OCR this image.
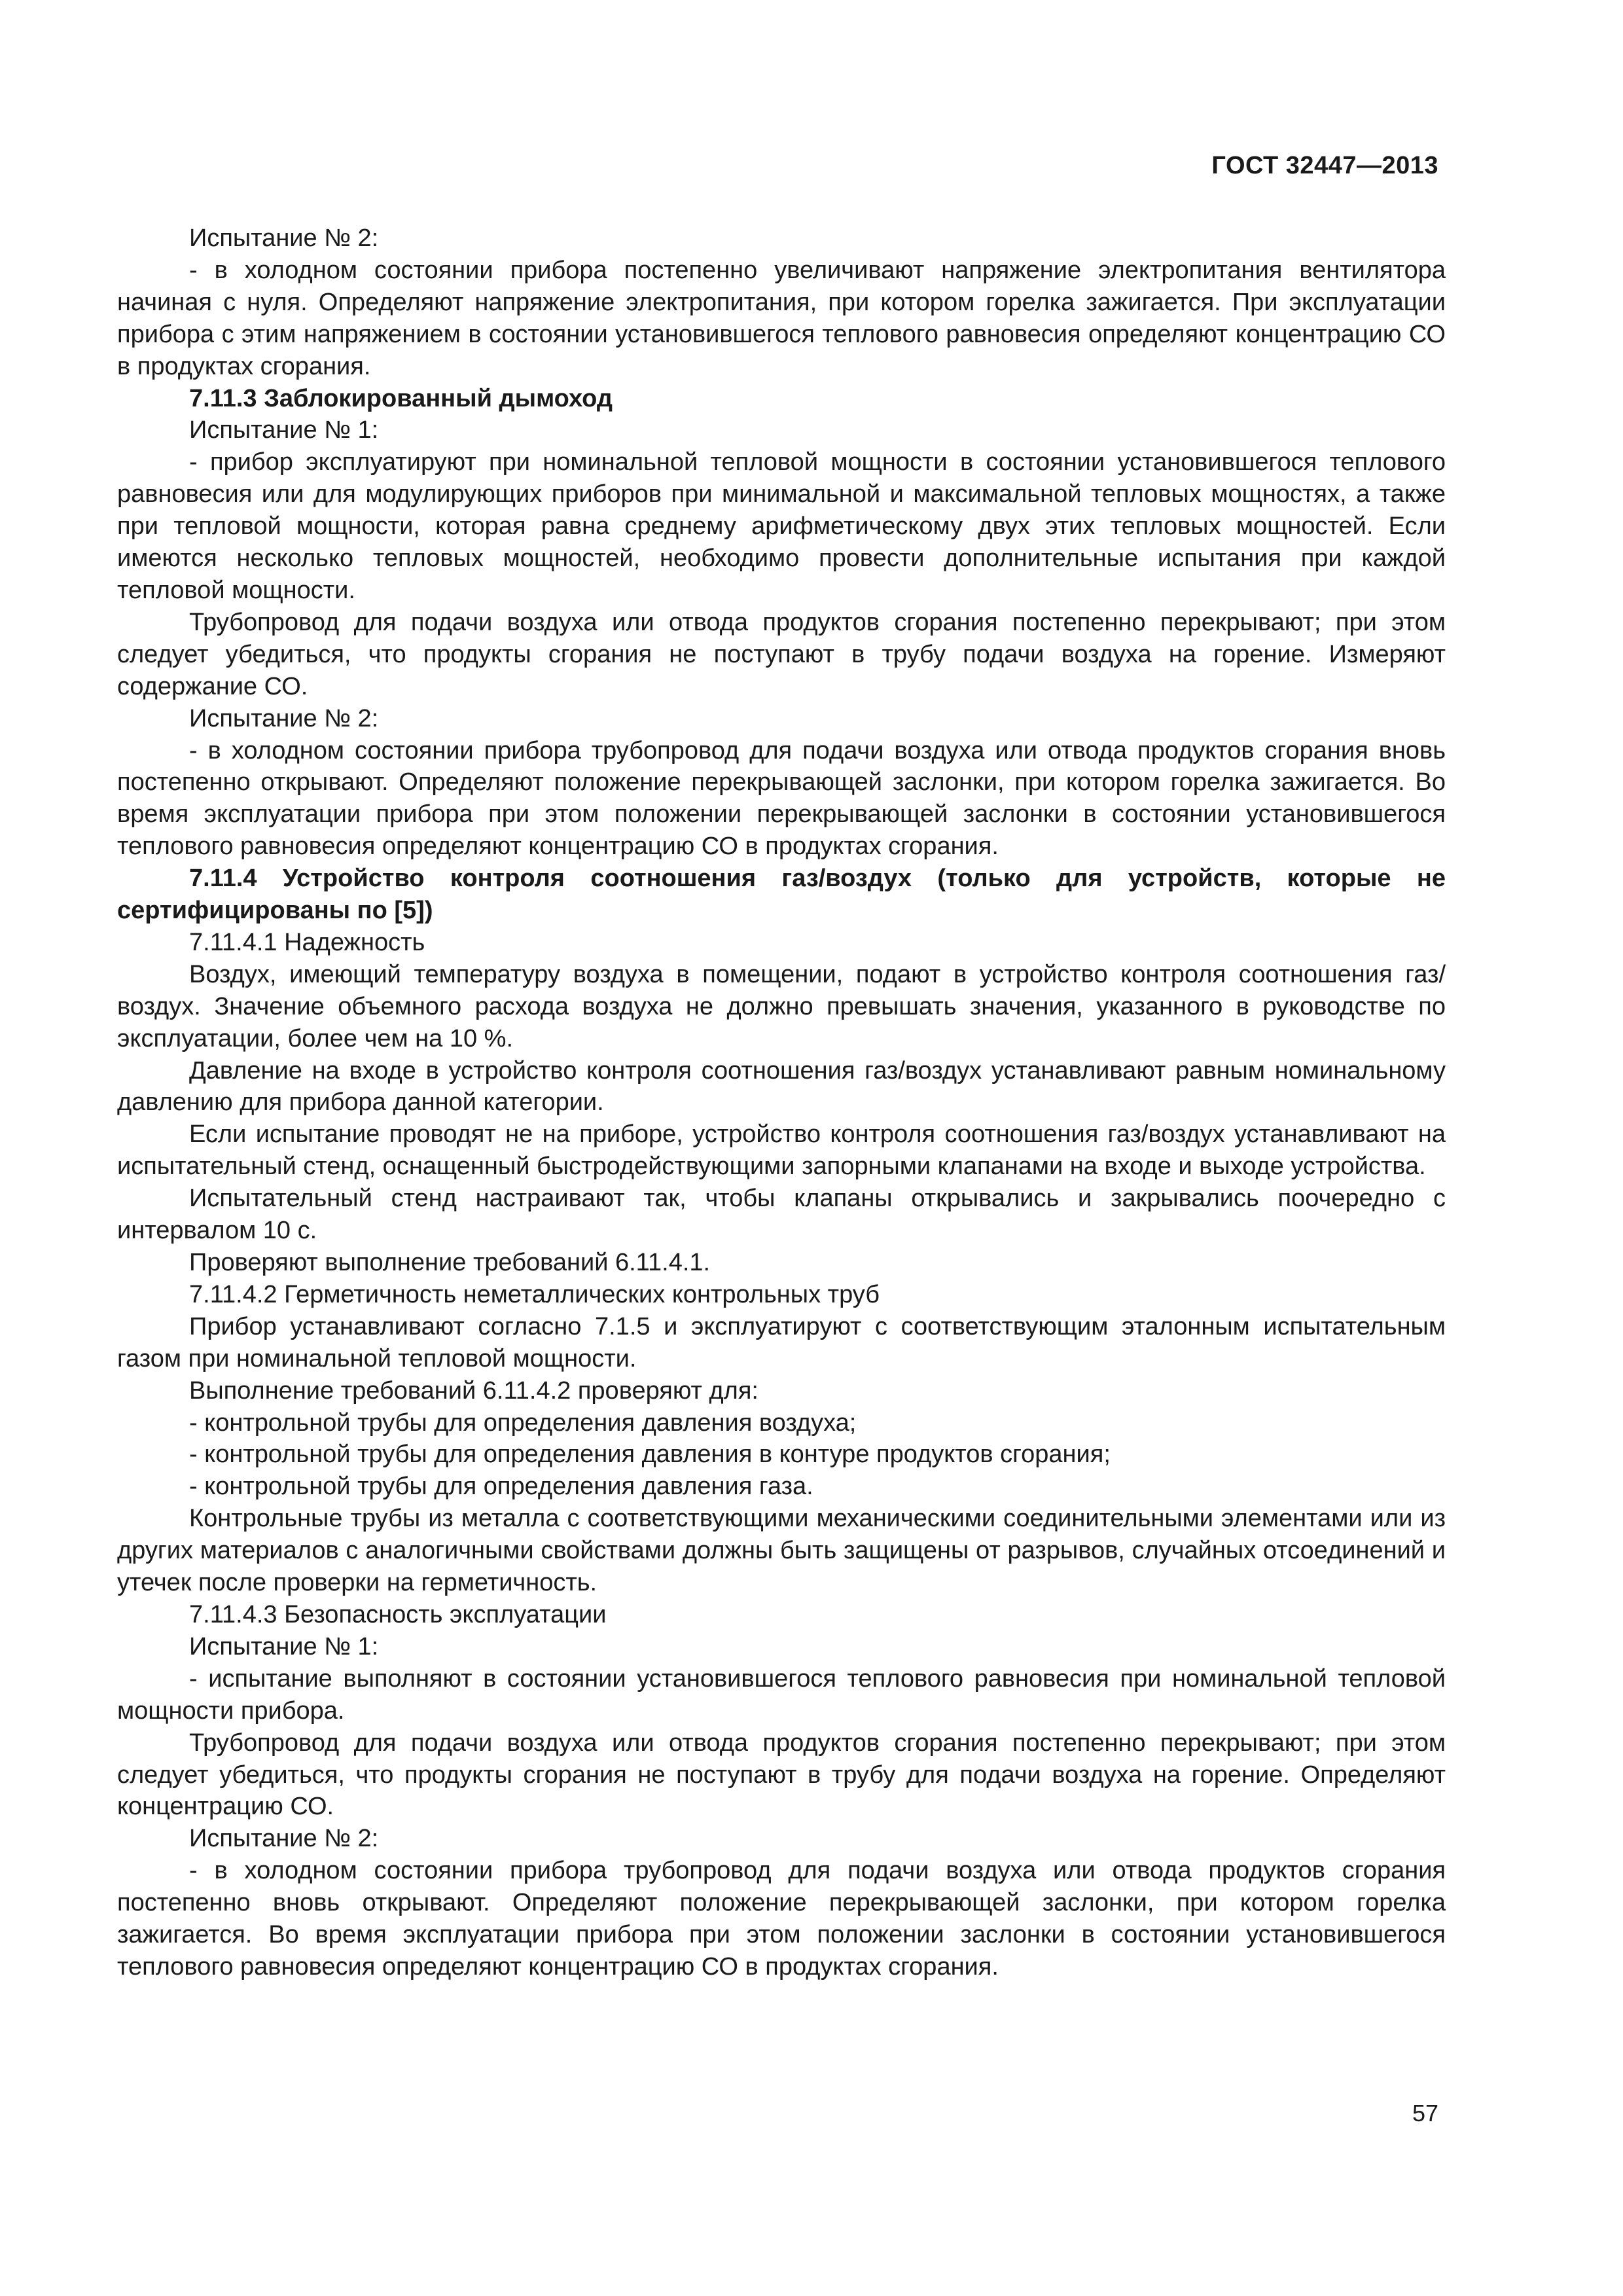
ГОСТ 32447—2013

Испытание № 2:

- в холодном состоянии прибора постепенно увеличивают напряжение электропитания вентилятора начиная с нуля. Определяют напряжение электропитания, при котором горелка зажигается. При эксплуатации прибора с этим напряжением в состоянии установившегося теплового равновесия определяют концентрацию СО в продуктах сгорания.

7.11.3 Заблокированный дымоход

Испытание № 1:

- прибор эксплуатируют при номинальной тепловой мощности в состоянии установившегося теплового равновесия или для модулирующих приборов при минимальной и максимальной тепловых мощностях, а также при тепловой мощности, которая равна среднему арифметическому двух этих тепловых мощностей. Если имеются несколько тепловых мощностей, необходимо провести дополнительные испытания при каждой тепловой мощности.

Трубопровод для подачи воздуха или отвода продуктов сгорания постепенно перекрывают; при этом следует убедиться, что продукты сгорания не поступают в трубу подачи воздуха на горение. Измеряют содержание СО.

Испытание № 2:

- в холодном состоянии прибора трубопровод для подачи воздуха или отвода продуктов сгорания вновь постепенно открывают. Определяют положение перекрывающей заслонки, при котором горелка зажигается. Во время эксплуатации прибора при этом положении перекрывающей заслонки в состоянии установившегося теплового равновесия определяют концентрацию СО в продуктах сгорания.

7.11.4 Устройство контроля соотношения газ/воздух (только для устройств, которые не сертифицированы по [5])

7.11.4.1 Надежность

Воздух, имеющий температуру воздуха в помещении, подают в устройство контроля соотношения газ/воздух. Значение объемного расхода воздуха не должно превышать значения, указанного в руководстве по эксплуатации, более чем на 10 %.

Давление на входе в устройство контроля соотношения газ/воздух устанавливают равным номинальному давлению для прибора данной категории.

Если испытание проводят не на приборе, устройство контроля соотношения газ/воздух устанавливают на испытательный стенд, оснащенный быстродействующими запорными клапанами на входе и выходе устройства.

Испытательный стенд настраивают так, чтобы клапаны открывались и закрывались поочередно с интервалом 10 с.

Проверяют выполнение требований 6.11.4.1.

7.11.4.2 Герметичность неметаллических контрольных труб

Прибор устанавливают согласно 7.1.5 и эксплуатируют с соответствующим эталонным испытательным газом при номинальной тепловой мощности.

Выполнение требований 6.11.4.2 проверяют для:

- контрольной трубы для определения давления воздуха;

- контрольной трубы для определения давления в контуре продуктов сгорания;

- контрольной трубы для определения давления газа.

Контрольные трубы из металла с соответствующими механическими соединительными элементами или из других материалов с аналогичными свойствами должны быть защищены от разрывов, случайных отсоединений и утечек после проверки на герметичность.

7.11.4.3 Безопасность эксплуатации

Испытание № 1:

- испытание выполняют в состоянии установившегося теплового равновесия при номинальной тепловой мощности прибора.

Трубопровод для подачи воздуха или отвода продуктов сгорания постепенно перекрывают; при этом следует убедиться, что продукты сгорания не поступают в трубу для подачи воздуха на горение. Определяют концентрацию СО.

Испытание № 2:

- в холодном состоянии прибора трубопровод для подачи воздуха или отвода продуктов сгорания постепенно вновь открывают. Определяют положение перекрывающей заслонки, при котором горелка зажигается. Во время эксплуатации прибора при этом положении заслонки в состоянии установившегося теплового равновесия определяют концентрацию СО в продуктах сгорания.

57
